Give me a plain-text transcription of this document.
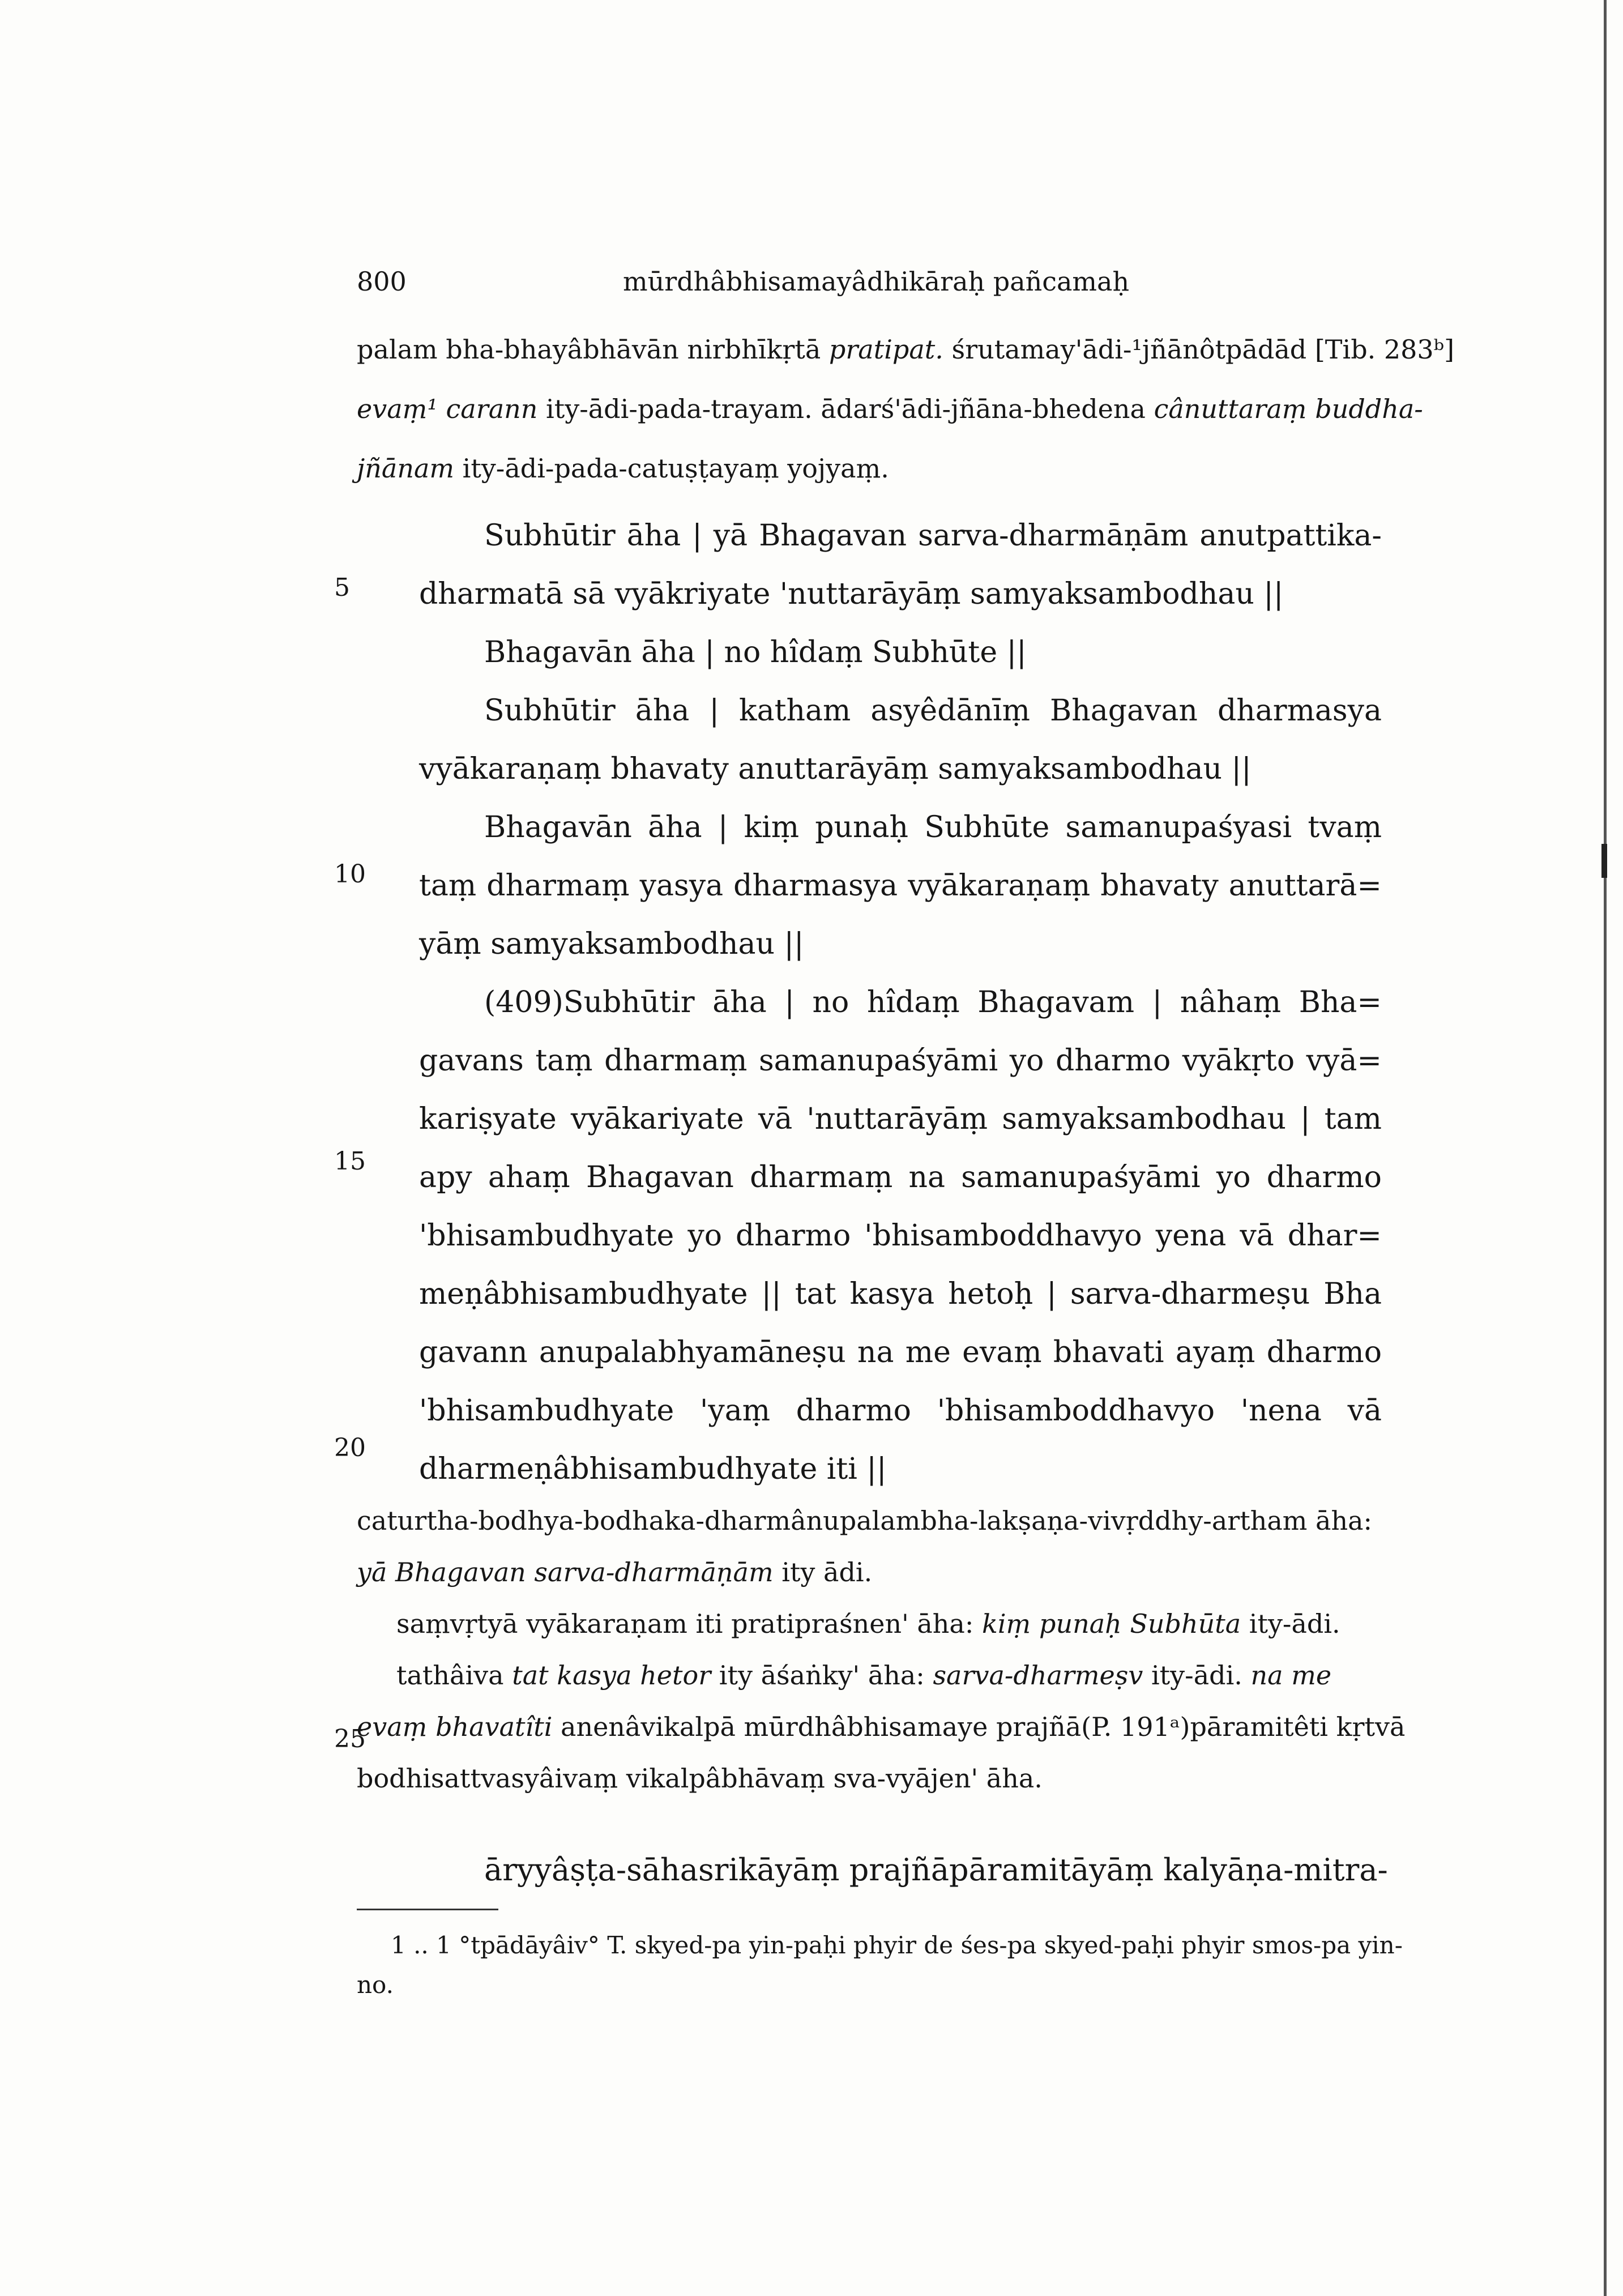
800	mūrdhâbhisamayâdhikāraḥ pañcamaḥ
palam bha-bhayâbhāvān nirbhīkṛtā pratipat. śrutamay'ādi-¹jñānôtpādād [Tib. 283ᵇ]
evaṃ¹ carann ity-ādi-pada-trayam. ādarś'ādi-jñāna-bhedena cânuttaraṃ buddha-
jñānam ity-ādi-pada-catuṣṭayaṃ yojyaṃ.
Subhūtir āha | yā Bhagavan sarva-dharmāṇām anutpattika-
dharmatā sā vyākriyate 'nuttarāyāṃ samyaksambodhau ||
Bhagavān āha | no hîdaṃ Subhūte ||
Subhūtir āha | katham asyêdānīṃ Bhagavan dharmasya
vyākaraṇaṃ bhavaty anuttarāyāṃ samyaksambodhau ||
Bhagavān āha | kiṃ punaḥ Subhūte samanupaśyasi tvaṃ
taṃ dharmaṃ yasya dharmasya vyākaraṇaṃ bhavaty anuttarā=
yāṃ samyaksambodhau ||
(409)Subhūtir āha | no hîdaṃ Bhagavam | nâhaṃ Bha=
gavans taṃ dharmaṃ samanupaśyāmi yo dharmo vyākṛto vyā=
kariṣyate vyākariyate vā 'nuttarāyāṃ samyaksambodhau | tam
apy ahaṃ Bhagavan dharmaṃ na samanupaśyāmi yo dharmo
'bhisambudhyate yo dharmo 'bhisamboddhavyo yena vā dhar=
meṇâbhisambudhyate || tat kasya hetoḥ | sarva-dharmeṣu Bha
gavann anupalabhyamāneṣu na me evaṃ bhavati ayaṃ dharmo
'bhisambudhyate 'yaṃ dharmo 'bhisamboddhavyo 'nena vā
dharmeṇâbhisambudhyate iti ||
5
10
15
20
25
caturtha-bodhya-bodhaka-dharmânupalambha-lakṣaṇa-vivṛddhy-artham āha:
yā Bhagavan sarva-dharmāṇām ity ādi.
saṃvṛtyā vyākaraṇam iti pratipraśnen' āha: kiṃ punaḥ Subhūta ity-ādi.
tathâiva tat kasya hetor ity āśaṅky' āha: sarva-dharmeṣv ity-ādi. na me
evaṃ bhavatîti anenâvikalpā mūrdhâbhisamaye prajñā(P. 191ᵃ)pāramitêti kṛtvā
bodhisattvasyâivaṃ vikalpâbhāvaṃ sva-vyājen' āha.
āryyâṣṭa-sāhasrikāyāṃ prajñāpāramitāyāṃ kalyāṇa-mitra-
1 .. 1 °tpādāyâiv° T. skyed-pa yin-paḥi phyir de śes-pa skyed-paḥi phyir smos-pa yin-
no.
